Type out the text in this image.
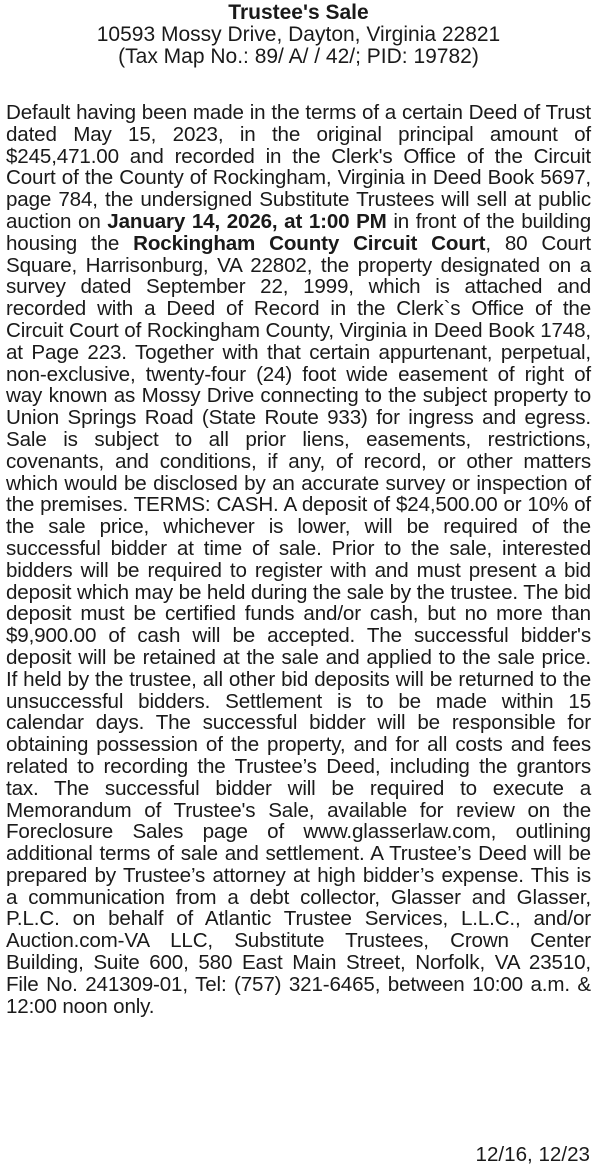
Trustee's Sale

10593 Mossy Drive, Dayton, Virginia 22821

(Tax Map No.: 89/ A/ / 42/; PID: 19782)

Default having been made in the terms of a certain Deed of Trust dated May 15, 2023, in the original principal amount of $245,471.00 and recorded in the Clerk's Office of the Circuit Court of the County of Rockingham, Virginia in Deed Book 5697, page 784, the undersigned Substitute Trustees will sell at public auction on January 14, 2026, at 1:00 PM in front of the building housing the Rockingham County Circuit Court, 80 Court Square, Harrisonburg, VA 22802, the property designated on a survey dated September 22, 1999, which is attached and recorded with a Deed of Record in the Clerk`s Office of the Circuit Court of Rockingham County, Virginia in Deed Book 1748, at Page 223. Together with that certain appurtenant, perpetual, non-exclusive, twenty-four (24) foot wide easement of right of way known as Mossy Drive connecting to the subject property to Union Springs Road (State Route 933) for ingress and egress. Sale is subject to all prior liens, easements, restrictions, covenants, and conditions, if any, of record, or other matters which would be disclosed by an accurate survey or inspection of the premises. TERMS: CASH. A deposit of $24,500.00 or 10% of the sale price, whichever is lower, will be required of the successful bidder at time of sale. Prior to the sale, interested bidders will be required to register with and must present a bid deposit which may be held during the sale by the trustee. The bid deposit must be certified funds and/or cash, but no more than $9,900.00 of cash will be accepted. The successful bidder's deposit will be retained at the sale and applied to the sale price. If held by the trustee, all other bid deposits will be returned to the unsuccessful bidders. Settlement is to be made within 15 calendar days. The successful bidder will be responsible for obtaining possession of the property, and for all costs and fees related to recording the Trustee’s Deed, including the grantors tax. The successful bidder will be required to execute a Memorandum of Trustee's Sale, available for review on the Foreclosure Sales page of www.glasserlaw.com, outlining additional terms of sale and settlement. A Trustee’s Deed will be prepared by Trustee’s attorney at high bidder’s expense. This is a communication from a debt collector, Glasser and Glasser, P.L.C. on behalf of Atlantic Trustee Services, L.L.C., and/or Auction.com-VA LLC, Substitute Trustees, Crown Center Building, Suite 600, 580 East Main Street, Norfolk, VA 23510, File No. 241309-01, Tel: (757) 321-6465, between 10:00 a.m. & 12:00 noon only.
12/16, 12/23
